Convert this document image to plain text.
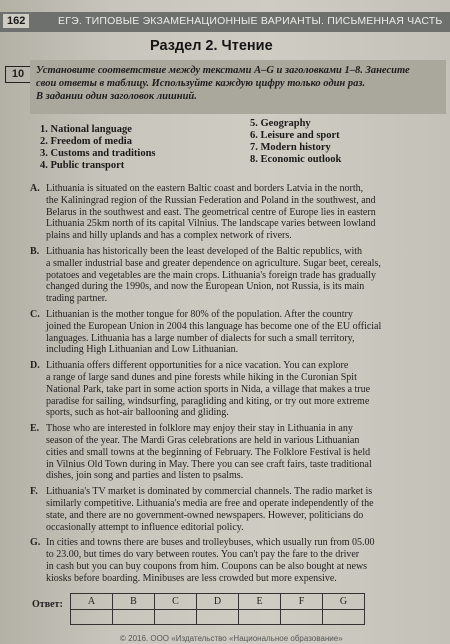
162	ЕГЭ. ТИПОВЫЕ ЭКЗАМЕНАЦИОННЫЕ ВАРИАНТЫ. ПИСЬМЕННАЯ ЧАСТЬ
Раздел 2. Чтение
10	Установите соответствие между текстами A–G и заголовками 1–8. Занесите
свои ответы в таблицу. Используйте каждую цифру только один раз.
В задании один заголовок лишний.
1. National language
2. Freedom of media
3. Customs and traditions
4. Public transport
5. Geography
6. Leisure and sport
7. Modern history
8. Economic outlook
A. Lithuania is situated on the eastern Baltic coast and borders Latvia in the north,
the Kaliningrad region of the Russian Federation and Poland in the southwest, and
Belarus in the southwest and east. The geometrical centre of Europe lies in eastern
Lithuania 25km north of its capital Vilnius. The landscape varies between lowland
plains and hilly uplands and has a complex network of rivers.
B. Lithuania has historically been the least developed of the Baltic republics, with
a smaller industrial base and greater dependence on agriculture. Sugar beet, cereals,
potatoes and vegetables are the main crops. Lithuania's foreign trade has gradually
changed during the 1990s, and now the European Union, not Russia, is its main
trading partner.
C. Lithuanian is the mother tongue for 80% of the population. After the country
joined the European Union in 2004 this language has become one of the EU official
languages. Lithuania has a large number of dialects for such a small territory,
including High Lithuanian and Low Lithuanian.
D. Lithuania offers different opportunities for a nice vacation. You can explore
a range of large sand dunes and pine forests while hiking in the Curonian Spit
National Park, take part in some action sports in Nida, a village that makes a true
paradise for sailing, windsurfing, paragliding and kiting, or try out more extreme
sports, such as hot-air ballooning and gliding.
E. Those who are interested in folklore may enjoy their stay in Lithuania in any
season of the year. The Mardi Gras celebrations are held in various Lithuanian
cities and small towns at the beginning of February. The Folklore Festival is held
in Vilnius Old Town during in May. There you can see craft fairs, taste traditional
dishes, join song and parties and listen to psalms.
F. Lithuania's TV market is dominated by commercial channels. The radio market is
similarly competitive. Lithuania's media are free and operate independently of the
state, and there are no government-owned newspapers. However, politicians do
occasionally attempt to influence editorial policy.
G. In cities and towns there are buses and trolleybuses, which usually run from 05.00
to 23.00, but times do vary between routes. You can't pay the fare to the driver
in cash but you can buy coupons from him. Coupons can be also bought at news
kiosks before boarding. Minibuses are less crowded but more expensive.
Ответ:	A	B	C	D	E	F	G

© 2016. ООО «Издательство «Национальное образование»
